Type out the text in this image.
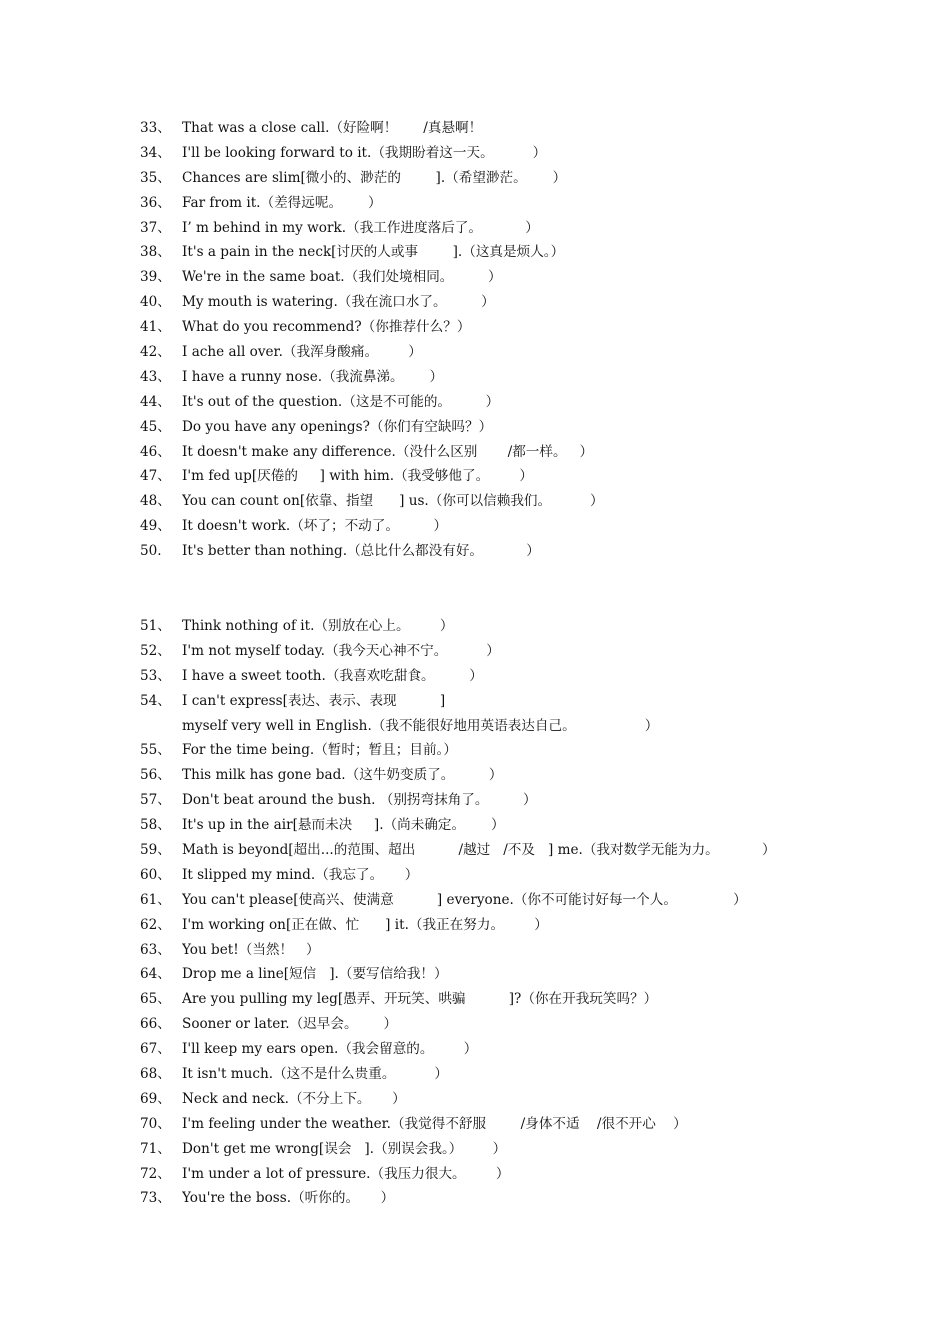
33、 That was a close call.（好险啊！      /真悬啊！
34、 I'll be looking forward to it.（我期盼着这一天。         ）
35、 Chances are slim[微小的、渺茫的        ].（希望渺茫。      ）
36、 Far from it.（差得远呢。      ）
37、 I’ m behind in my work.（我工作进度落后了。          ）
38、 It's a pain in the neck[讨厌的人或事        ].（这真是烦人。）
39、 We're in the same boat.（我们处境相同。        ）
40、 My mouth is watering.（我在流口水了。        ）
41、 What do you recommend?（你推荐什么？）
42、 I ache all over.（我浑身酸痛。       ）
43、 I have a runny nose.（我流鼻涕。      ）
44、 It's out of the question.（这是不可能的。        ）
45、 Do you have any openings?（你们有空缺吗？）
46、 It doesn't make any difference.（没什么区别       /都一样。   ）
47、 I'm fed up[厌倦的     ] with him.（我受够他了。       ）
48、 You can count on[依靠、指望      ] us.（你可以信赖我们。         ）
49、 It doesn't work.（坏了；不动了。        ）
50.	It's better than nothing.（总比什么都没有好。          ）
51、 Think nothing of it.（别放在心上。       ）
52、 I'm not myself today.（我今天心神不宁。         ）
53、 I have a sweet tooth.（我喜欢吃甜食。        ）
54、 I can't express[表达、表示、表现          ]
myself very well in English.（我不能很好地用英语表达自己。                ）
55、 For the time being.（暂时；暂且；目前。）
56、 This milk has gone bad.（这牛奶变质了。        ）
57、 Don't beat around the bush. （别拐弯抹角了。        ）
58、 It's up in the air[悬而未决     ].（尚未确定。      ）
59、 Math is beyond[超出...的范围、超出          /越过   /不及   ] me.（我对数学无能为力。          ）
60、 It slipped my mind.（我忘了。     ）
61、 You can't please[使高兴、使满意          ] everyone.（你不可能讨好每一个人。             ）
62、 I'm working on[正在做、忙      ] it.（我正在努力。       ）
63、 You bet!（当然！   ）
64、 Drop me a line[短信   ].（要写信给我！）
65、 Are you pulling my leg[愚弄、开玩笑、哄骗          ]?（你在开我玩笑吗？）
66、 Sooner or later.（迟早会。      ）
67、 I'll keep my ears open.（我会留意的。       ）
68、 It isn't much.（这不是什么贵重。         ）
69、 Neck and neck.（不分上下。     ）
70、 I'm feeling under the weather.（我觉得不舒服        /身体不适    /很不开心    ）
71、 Don't get me wrong[误会   ].（别误会我。）       ）
72、 I'm under a lot of pressure.（我压力很大。       ）
73、 You're the boss.（听你的。     ）
